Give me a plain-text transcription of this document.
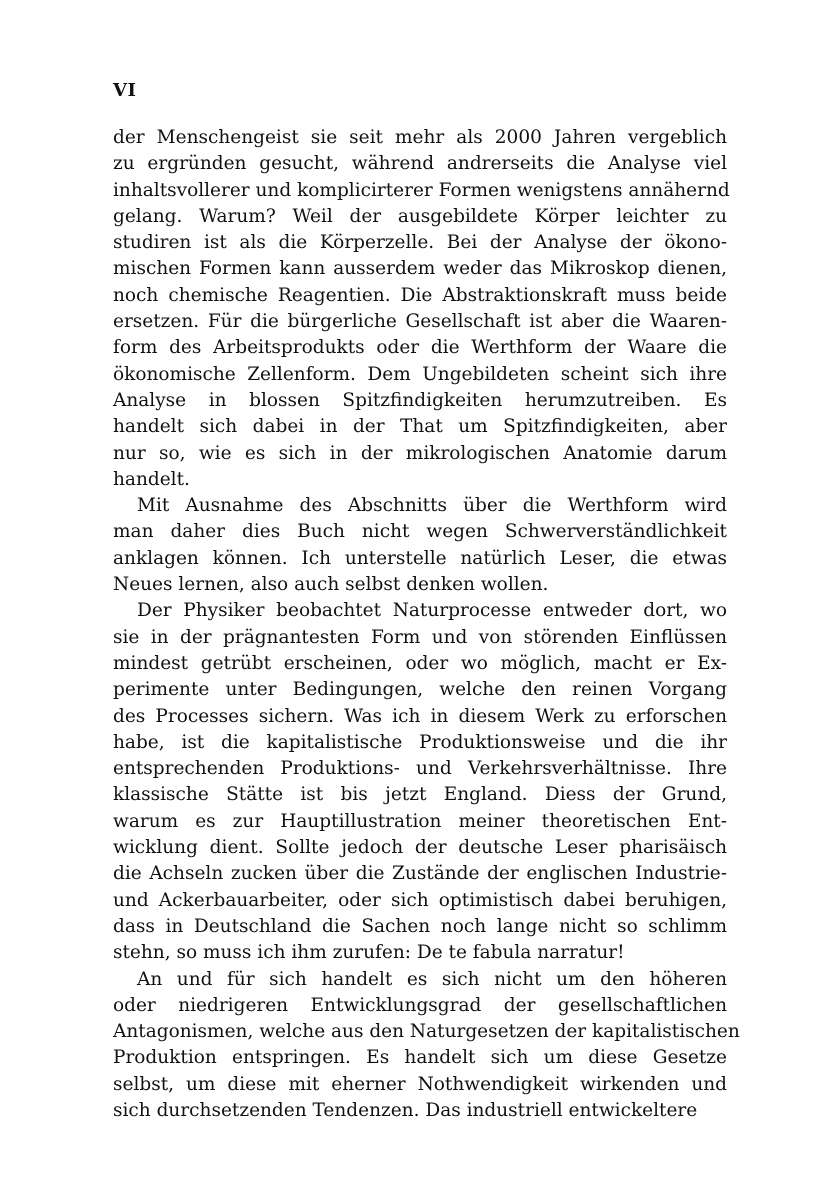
VI

der Menschengeist sie seit mehr als 2000 Jahren vergeblich
zu ergründen gesucht, während andrerseits die Analyse viel
inhaltsvollerer und komplicirterer Formen wenigstens annähernd
gelang. Warum? Weil der ausgebildete Körper leichter zu
studiren ist als die Körperzelle. Bei der Analyse der ökono-
mischen Formen kann ausserdem weder das Mikroskop dienen,
noch chemische Reagentien. Die Abstraktionskraft muss beide
ersetzen. Für die bürgerliche Gesellschaft ist aber die Waaren-
form des Arbeitsprodukts oder die Werthform der Waare die
ökonomische Zellenform. Dem Ungebildeten scheint sich ihre
Analyse in blossen Spitzfindigkeiten herumzutreiben. Es
handelt sich dabei in der That um Spitzfindigkeiten, aber
nur so, wie es sich in der mikrologischen Anatomie darum
handelt.

Mit Ausnahme des Abschnitts über die Werthform wird
man daher dies Buch nicht wegen Schwerverständlichkeit
anklagen können. Ich unterstelle natürlich Leser, die etwas
Neues lernen, also auch selbst denken wollen.

Der Physiker beobachtet Naturprocesse entweder dort, wo
sie in der prägnantesten Form und von störenden Einflüssen
mindest getrübt erscheinen, oder wo möglich, macht er Ex-
perimente unter Bedingungen, welche den reinen Vorgang
des Processes sichern. Was ich in diesem Werk zu erforschen
habe, ist die kapitalistische Produktionsweise und die ihr
entsprechenden Produktions- und Verkehrsverhältnisse. Ihre
klassische Stätte ist bis jetzt England. Diess der Grund,
warum es zur Hauptillustration meiner theoretischen Ent-
wicklung dient. Sollte jedoch der deutsche Leser pharisäisch
die Achseln zucken über die Zustände der englischen Industrie-
und Ackerbauarbeiter, oder sich optimistisch dabei beruhigen,
dass in Deutschland die Sachen noch lange nicht so schlimm
stehn, so muss ich ihm zurufen: De te fabula narratur!

An und für sich handelt es sich nicht um den höheren
oder niedrigeren Entwicklungsgrad der gesellschaftlichen
Antagonismen, welche aus den Naturgesetzen der kapitalistischen
Produktion entspringen. Es handelt sich um diese Gesetze
selbst, um diese mit eherner Nothwendigkeit wirkenden und
sich durchsetzenden Tendenzen. Das industriell entwickeltere
